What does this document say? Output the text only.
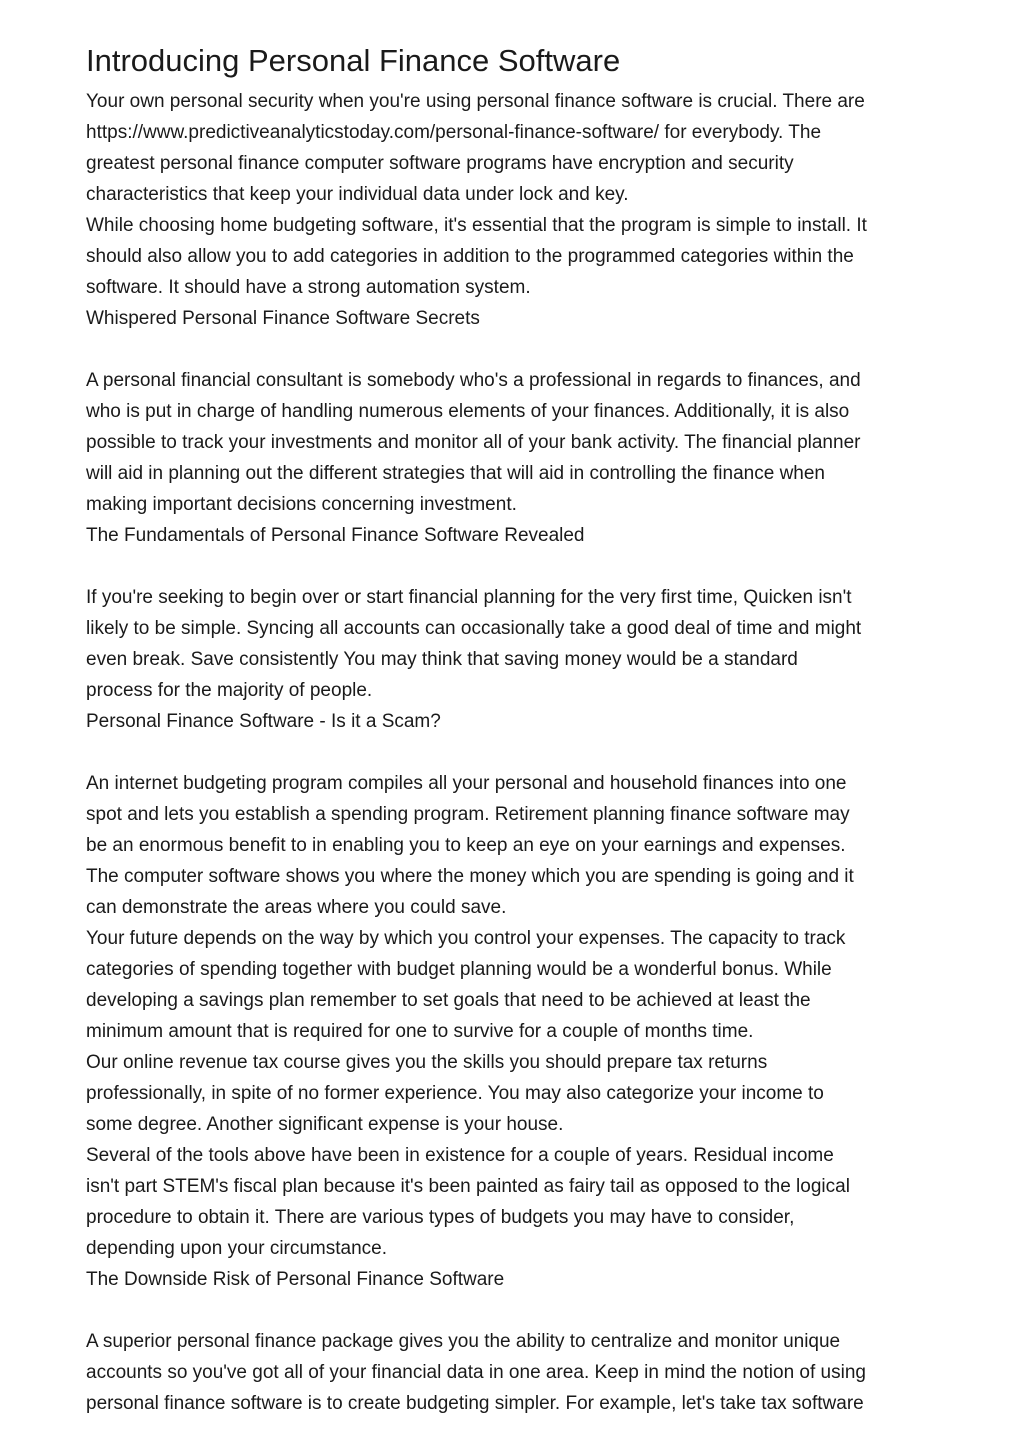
Introducing Personal Finance Software
Your own personal security when you're using personal finance software is crucial. There are
https://www.predictiveanalyticstoday.com/personal-finance-software/ for everybody. The
greatest personal finance computer software programs have encryption and security
characteristics that keep your individual data under lock and key.
While choosing home budgeting software, it's essential that the program is simple to install. It
should also allow you to add categories in addition to the programmed categories within the
software. It should have a strong automation system.
Whispered Personal Finance Software Secrets
A personal financial consultant is somebody who's a professional in regards to finances, and
who is put in charge of handling numerous elements of your finances. Additionally, it is also
possible to track your investments and monitor all of your bank activity. The financial planner
will aid in planning out the different strategies that will aid in controlling the finance when
making important decisions concerning investment.
The Fundamentals of Personal Finance Software Revealed
If you're seeking to begin over or start financial planning for the very first time, Quicken isn't
likely to be simple. Syncing all accounts can occasionally take a good deal of time and might
even break. Save consistently You may think that saving money would be a standard
process for the majority of people.
Personal Finance Software - Is it a Scam?
An internet budgeting program compiles all your personal and household finances into one
spot and lets you establish a spending program. Retirement planning finance software may
be an enormous benefit to in enabling you to keep an eye on your earnings and expenses.
The computer software shows you where the money which you are spending is going and it
can demonstrate the areas where you could save.
Your future depends on the way by which you control your expenses. The capacity to track
categories of spending together with budget planning would be a wonderful bonus. While
developing a savings plan remember to set goals that need to be achieved at least the
minimum amount that is required for one to survive for a couple of months time.
Our online revenue tax course gives you the skills you should prepare tax returns
professionally, in spite of no former experience. You may also categorize your income to
some degree. Another significant expense is your house.
Several of the tools above have been in existence for a couple of years. Residual income
isn't part STEM's fiscal plan because it's been painted as fairy tail as opposed to the logical
procedure to obtain it. There are various types of budgets you may have to consider,
depending upon your circumstance.
The Downside Risk of Personal Finance Software
A superior personal finance package gives you the ability to centralize and monitor unique
accounts so you've got all of your financial data in one area. Keep in mind the notion of using
personal finance software is to create budgeting simpler. For example, let's take tax software
